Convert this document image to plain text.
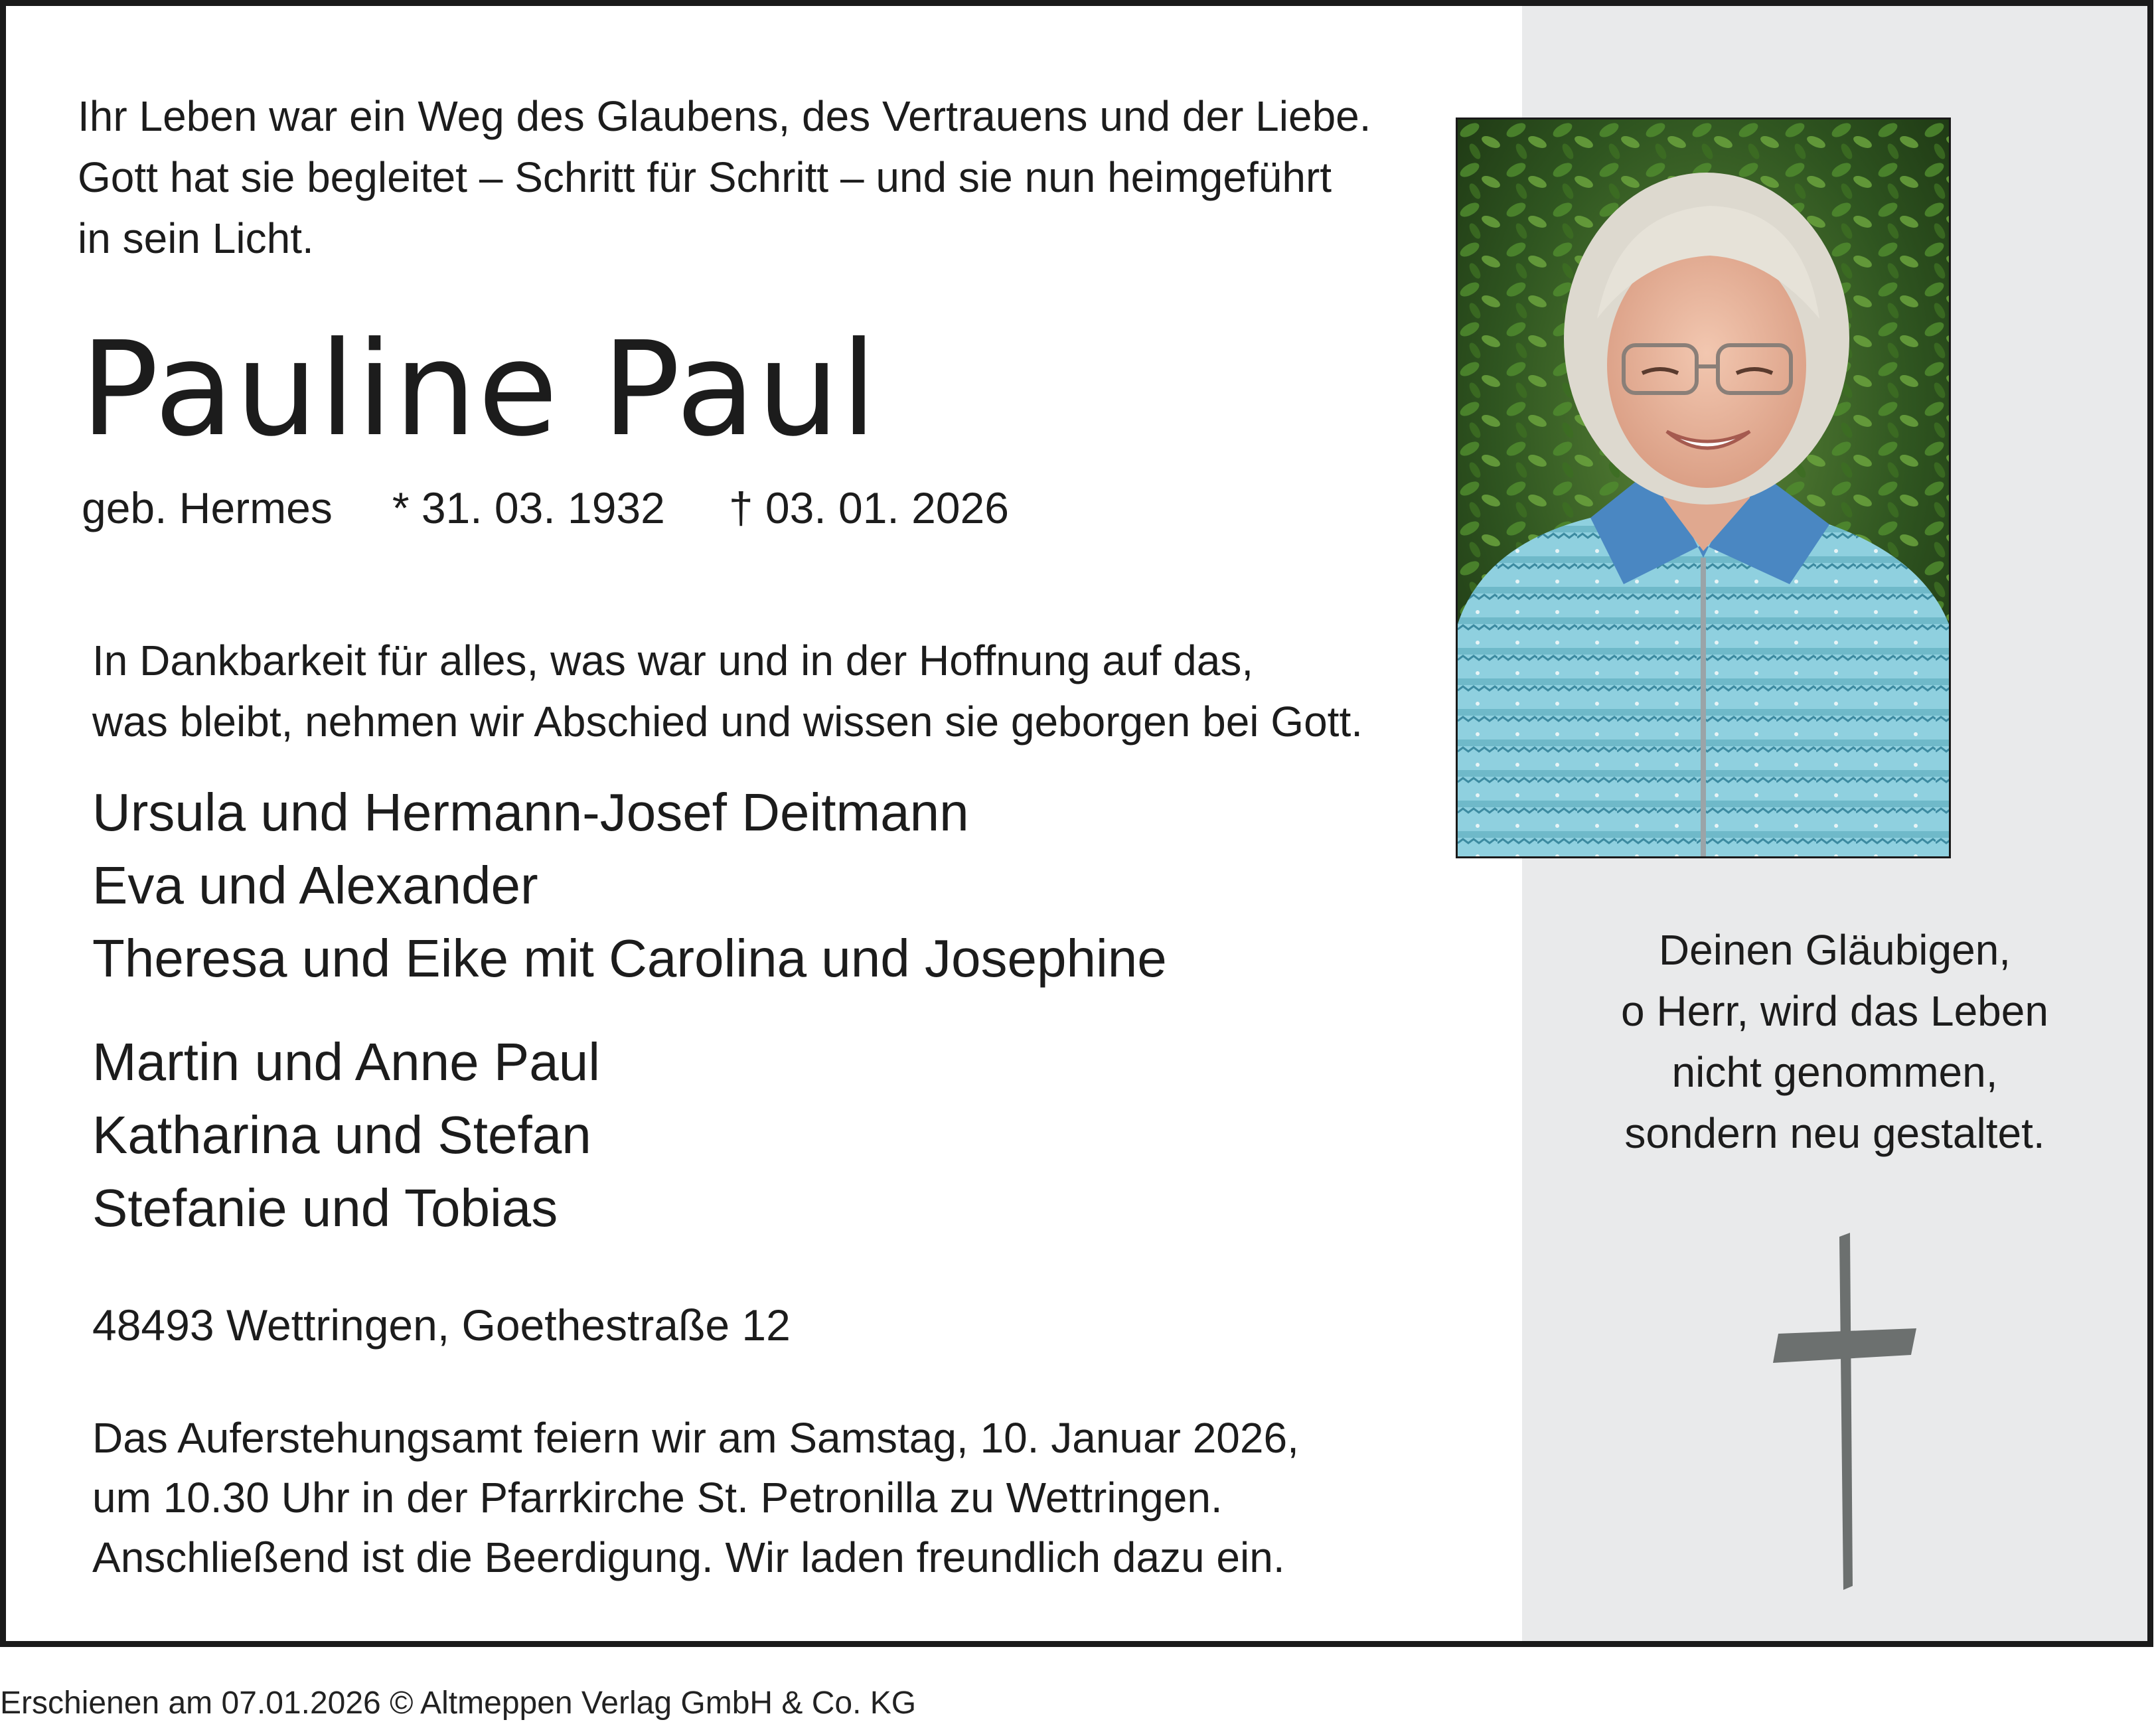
Ihr Leben war ein Weg des Glaubens, des Vertrauens und der Liebe.
Gott hat sie begleitet – Schritt für Schritt – und sie nun heimgeführt
in sein Licht.

Pauline Paul
geb. Hermes * 31. 03. 1932 † 03. 01. 2026

In Dankbarkeit für alles, was war und in der Hoffnung auf das,
was bleibt, nehmen wir Abschied und wissen sie geborgen bei Gott.

Ursula und Hermann-Josef Deitmann
Eva und Alexander
Theresa und Eike mit Carolina und Josephine
Martin und Anne Paul
Katharina und Stefan
Stefanie und Tobias

48493 Wettringen, Goethestraße 12

Das Auferstehungsamt feiern wir am Samstag, 10. Januar 2026,
um 10.30 Uhr in der Pfarrkirche St. Petronilla zu Wettringen.
Anschließend ist die Beerdigung. Wir laden freundlich dazu ein.

Deinen Gläubigen,
o Herr, wird das Leben
nicht genommen,
sondern neu gestaltet.
Erschienen am 07.01.2026 © Altmeppen Verlag GmbH & Co. KG
